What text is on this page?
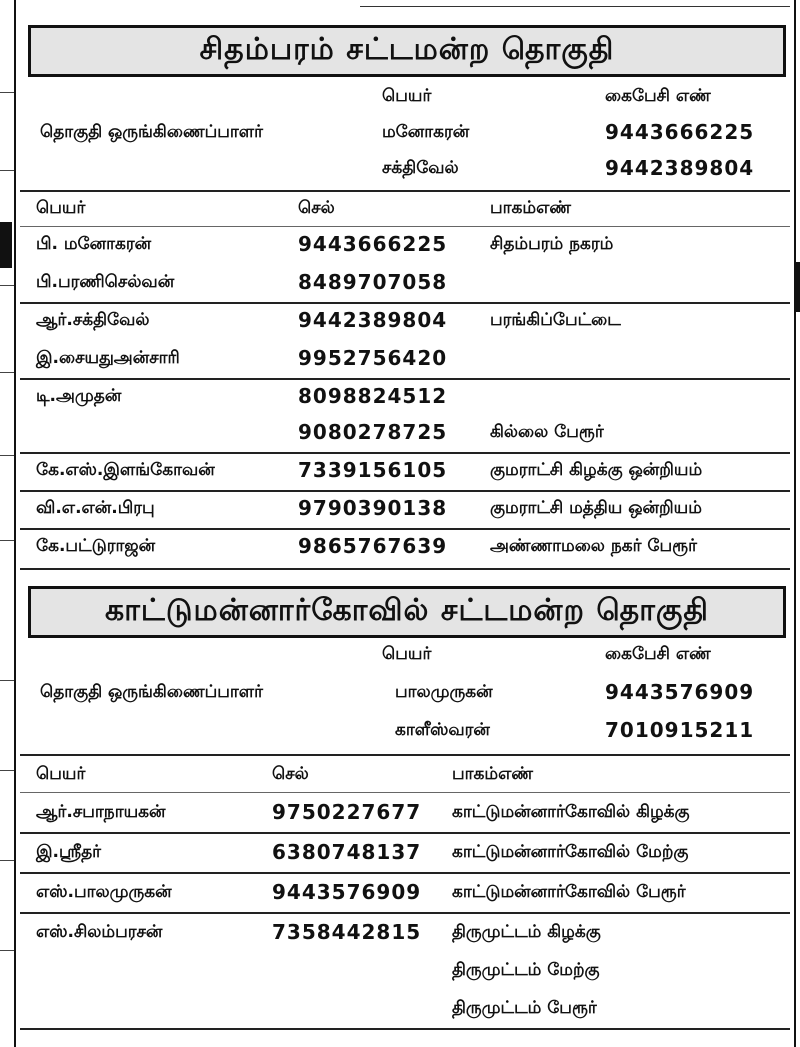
சிதம்பரம் சட்டமன்ற தொகுதி
பெயர்	கைபேசி எண்
தொகுதி ஒருங்கிணைப்பாளர்	மனோகரன்	9443666225
சக்திவேல்	9442389804
பெயர்	செல்	பாகம்எண்
பி. மனோகரன்	9443666225	சிதம்பரம் நகரம்
பி.பரணிசெல்வன்	8489707058
ஆர்.சக்திவேல்	9442389804	பரங்கிப்பேட்டை
இ.சையதுஅன்சாரி	9952756420
டி.அமுதன்	8098824512
9080278725	கில்லை பேரூர்
கே.எஸ்.இளங்கோவன்	7339156105	குமராட்சி கிழக்கு ஒன்றியம்
வி.எ.என்.பிரபு	9790390138	குமராட்சி மத்திய ஒன்றியம்
கே.பட்டுராஜன்	9865767639	அண்ணாமலை நகர் பேரூர்
காட்டுமன்னார்கோவில் சட்டமன்ற தொகுதி
பெயர்	கைபேசி எண்
தொகுதி ஒருங்கிணைப்பாளர்	பாலமுருகன்	9443576909
காளீஸ்வரன்	7010915211
பெயர்	செல்	பாகம்எண்
ஆர்.சபாநாயகன்	9750227677 காட்டுமன்னார்கோவில் கிழக்கு
இ.ஶ்ரீதர்	6380748137 காட்டுமன்னார்கோவில் மேற்கு
எஸ்.பாலமுருகன்	9443576909 காட்டுமன்னார்கோவில் பேரூர்
எஸ்.சிலம்பரசன்	7358442815 திருமுட்டம் கிழக்கு
திருமுட்டம் மேற்கு
திருமுட்டம் பேரூர்
